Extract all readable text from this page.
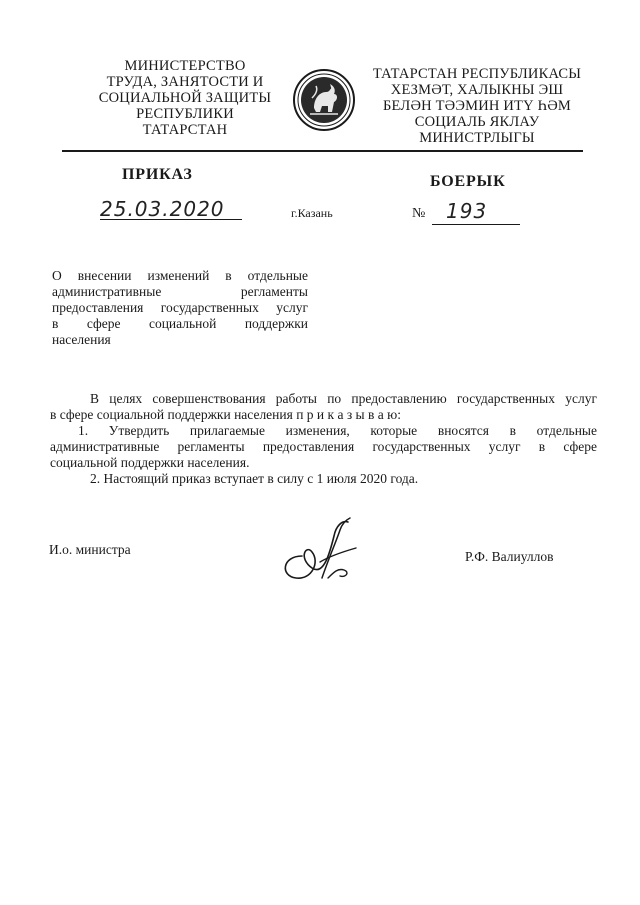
МИНИСТЕРСТВО
ТРУДА, ЗАНЯТОСТИ И
СОЦИАЛЬНОЙ ЗАЩИТЫ
РЕСПУБЛИКИ
ТАТАРСТАН
ТАТАРСТАН РЕСПУБЛИКАСЫ
ХЕЗМӘТ, ХАЛЫКНЫ ЭШ
БЕЛӘН ТӘЭМИН ИТҮ ҺӘМ
СОЦИАЛЬ ЯКЛАУ
МИНИСТРЛЫГЫ
ПРИКАЗ	БОЕРЫК
25.03.2020	г.Казань	№ 193
О внесении изменений в отдельные
административные регламенты
предоставления государственных услуг
в сфере социальной поддержки
населения
В целях совершенствования работы по предоставлению государственных услуг
в сфере социальной поддержки населения п р и к а з ы в а ю:
1. Утвердить прилагаемые изменения, которые вносятся в отдельные
административные регламенты предоставления государственных услуг в сфере
социальной поддержки населения.
2. Настоящий приказ вступает в силу с 1 июля 2020 года.
И.о. министра	Р.Ф. Валиуллов
